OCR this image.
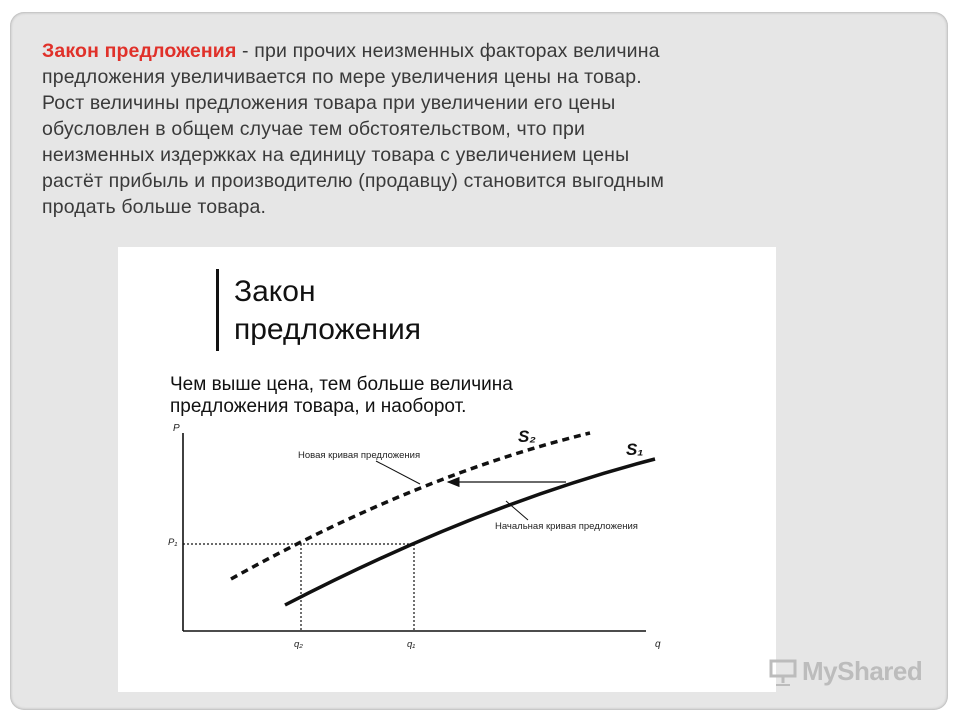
Закон предложения - при прочих неизменных факторах величина
предложения увеличивается по мере увеличения цены на товар.
Рост величины предложения товара при увеличении его цены
обусловлен в общем случае тем обстоятельством, что при
неизменных издержках на единицу товара с увеличением цены
растёт прибыль и производителю (продавцу) становится выгодным
продать больше товара.
Закон
предложения
Чем выше цена, тем больше величина
предложения товара, и наоборот.
P
q
P₁
q₂	q₁
S₂
S₁
Новая кривая предложения
Начальная кривая предложения
MyShared
